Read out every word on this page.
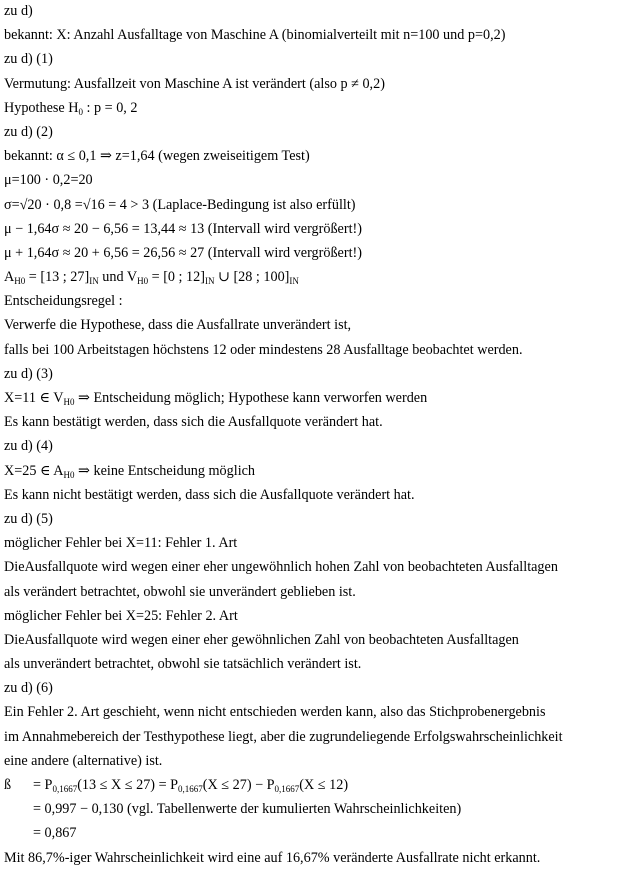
zu d)
bekannt: X: Anzahl Ausfalltage von Maschine A (binomialverteilt mit n=100 und p=0,2)
zu d) (1)
Vermutung: Ausfallzeit von Maschine A ist verändert (also p ≠ 0,2)
Hypothese $H_0$ : p = 0, 2
zu d) (2)
bekannt: α ≤ 0,1 ⇒ z=1,64 (wegen zweiseitigem Test)
μ=100 · 0,2=20
σ=√20 · 0,8 =√16 = 4 > 3 (Laplace-Bedingung ist also erfüllt)
μ − 1,64σ ≈ 20 − 6,56 = 13,44 ≈ 13 (Intervall wird vergrößert!)
μ + 1,64σ ≈ 20 + 6,56 = 26,56 ≈ 27 (Intervall wird vergrößert!)
$A_{H0} = [13$ ; $27]_{IN}$ und $V_{H0} = [0$ ; $12]_{IN}$ ∪ [28 ; $100]_{IN}$
Entscheidungsregel :
Verwerfe die Hypothese, dass die Ausfallrate unverändert ist,
falls bei 100 Arbeitstagen höchstens 12 oder mindestens 28 Ausfalltage beobachtet werden.
zu d) (3)
X=11 ∈ $V_{H0}$ ⇒ Entscheidung möglich; Hypothese kann verworfen werden
Es kann bestätigt werden, dass sich die Ausfallquote verändert hat.
zu d) (4)
X=25 ∈ $A_{H0}$ ⇒ keine Entscheidung möglich
Es kann nicht bestätigt werden, dass sich die Ausfallquote verändert hat.
zu d) (5)
möglicher Fehler bei X=11: Fehler 1. Art
DieAusfallquote wird wegen einer eher ungewöhnlich hohen Zahl von beobachteten Ausfalltagen
als verändert betrachtet, obwohl sie unverändert geblieben ist.
möglicher Fehler bei X=25: Fehler 2. Art
DieAusfallquote wird wegen einer eher gewöhnlichen Zahl von beobachteten Ausfalltagen
als unverändert betrachtet, obwohl sie tatsächlich verändert ist.
zu d) (6)
Ein Fehler 2. Art geschieht, wenn nicht entschieden werden kann, also das Stichprobenergebnis
im Annahmebereich der Testhypothese liegt, aber die zugrundeliegende Erfolgswahrscheinlichkeit
eine andere (alternative) ist.
ß = $P_{0,1667}(13 \le X \le 27) = P_{0,1667}(X \le 27) - P_{0,1667}(X \le 12)$
= 0,997 − 0,130 (vgl. Tabellenwerte der kumulierten Wahrscheinlichkeiten)
= 0,867
Mit 86,7%-iger Wahrscheinlichkeit wird eine auf 16,67% veränderte Ausfallrate nicht erkannt.
